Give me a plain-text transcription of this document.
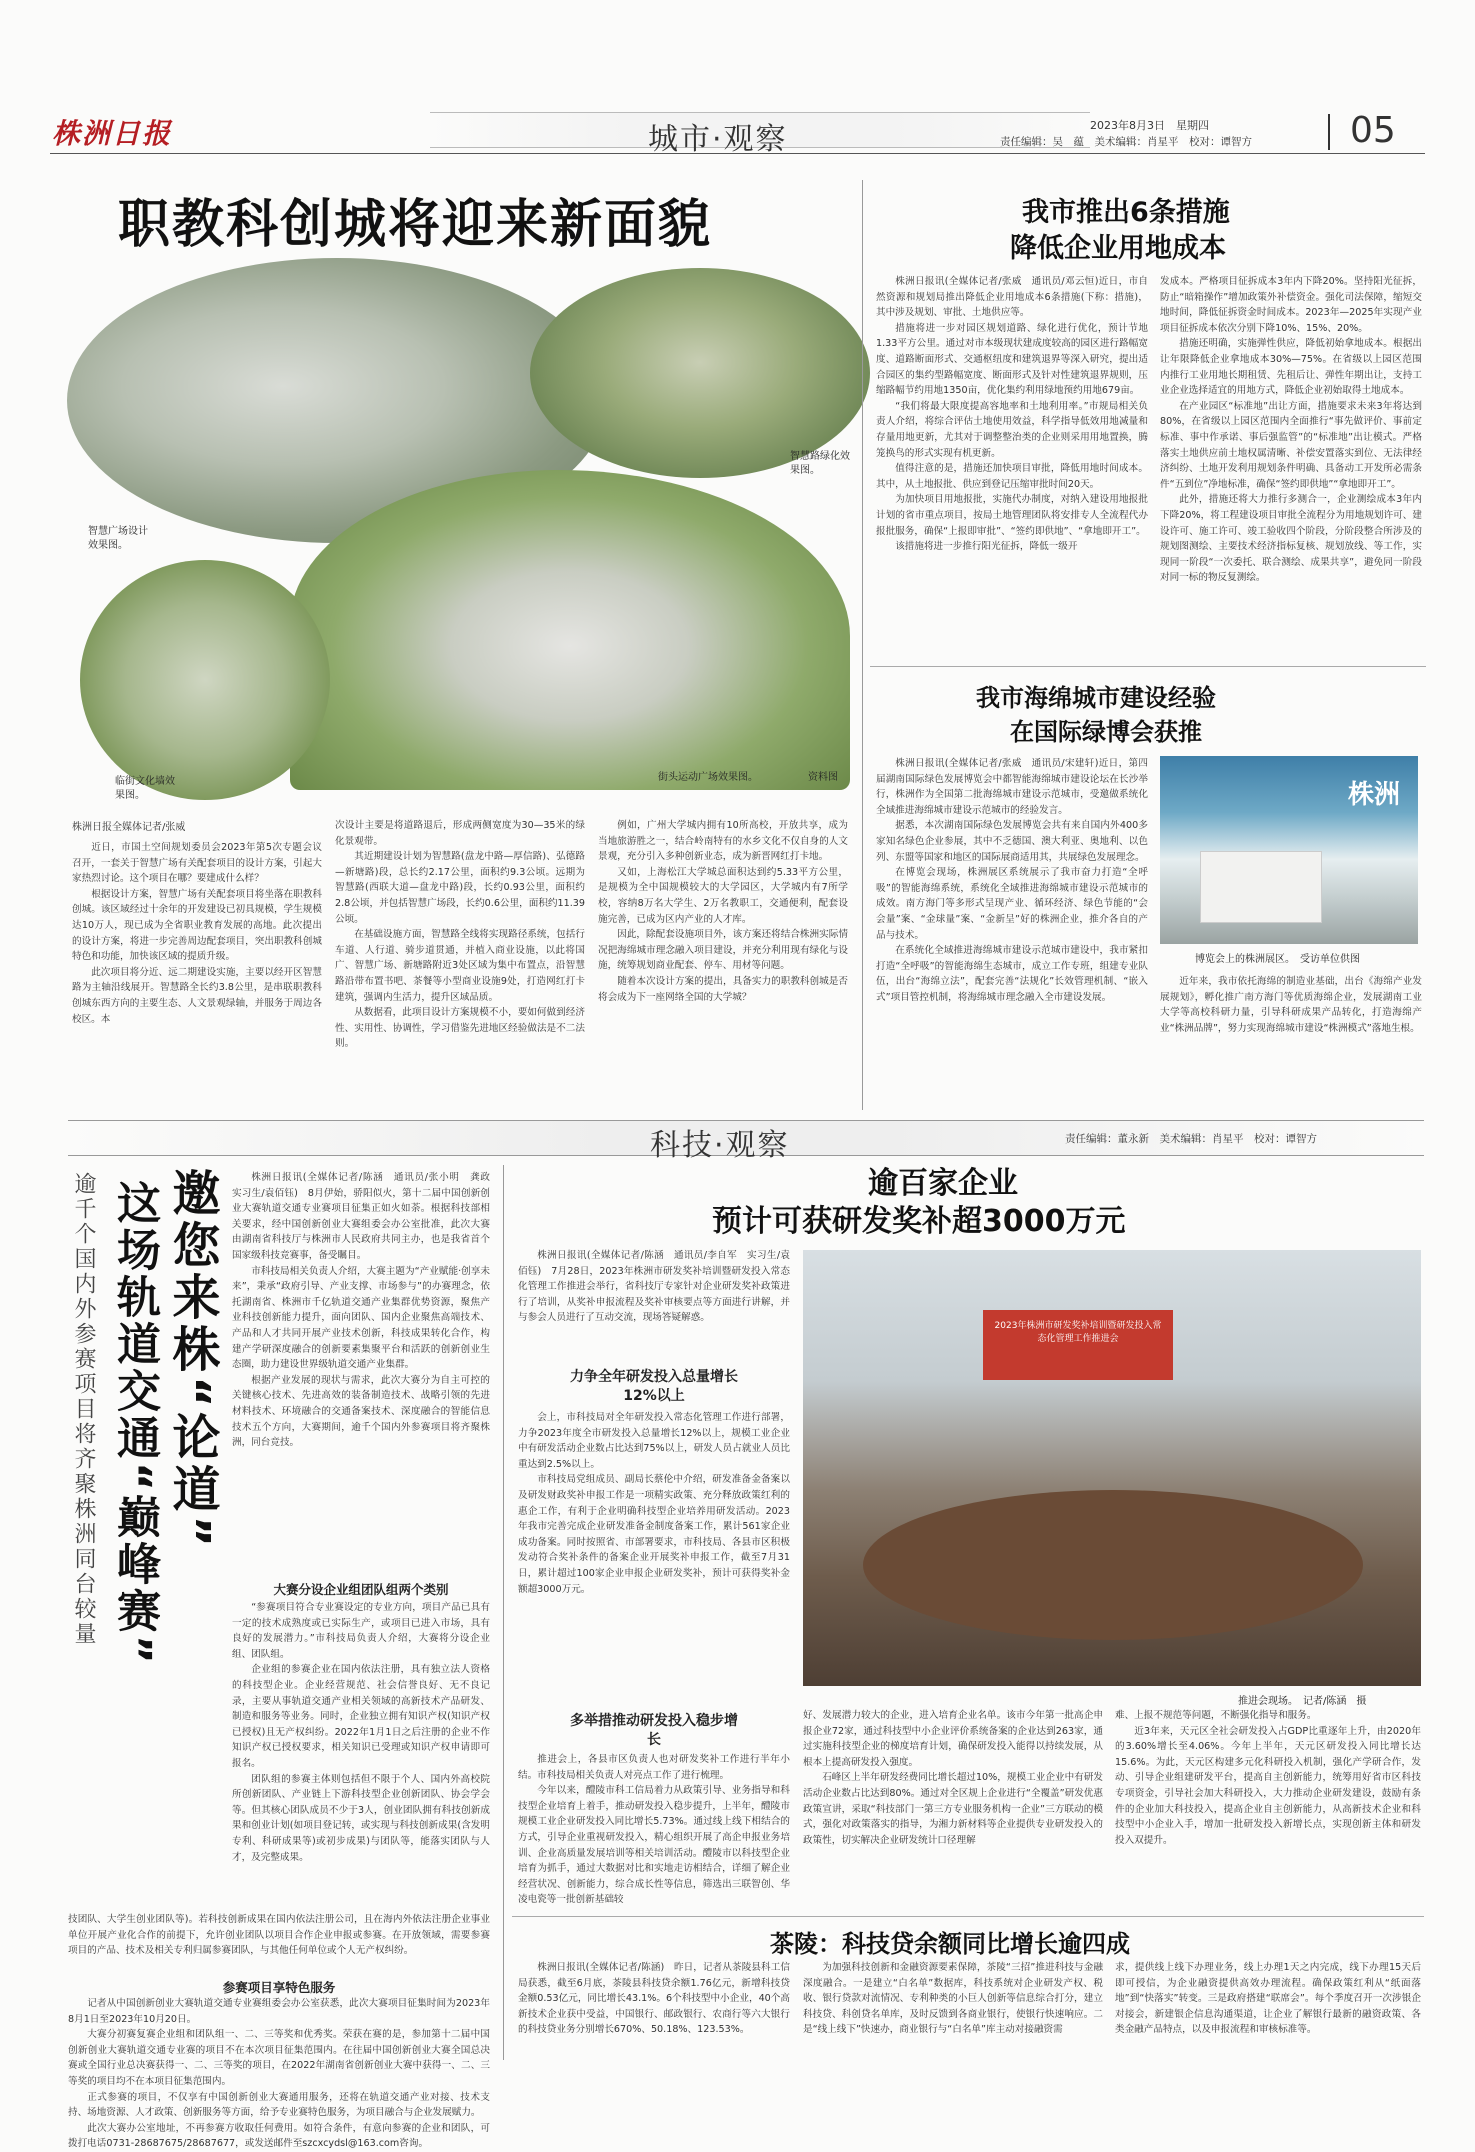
株洲日报	城市·观察	2023年8月3日　星期四
责任编辑：吴　蕴　美术编辑：肖星平　校对：谭智方	05
职教科创城将迎来新面貌
智慧广场设计效果图。
智慧路绿化效果图。
临街文化墙效果图。
街头运动广场效果图。	资料图
株洲日报全媒体记者/张威

近日，市国土空间规划委员会2023年第5次专题会议召开，一套关于智慧广场有关配套项目的设计方案，引起大家热烈讨论。这个项目在哪？要建成什么样？

根据设计方案，智慧广场有关配套项目将坐落在职教科创城。该区域经过十余年的开发建设已初具规模，学生规模达10万人，现已成为全省职业教育发展的高地。此次提出的设计方案，将进一步完善周边配套项目，突出职教科创城特色和功能，加快该区域的提质升级。

此次项目将分近、远二期建设实施，主要以经开区智慧路为主轴沿线展开。智慧路全长约3.8公里，是串联职教科创城东西方向的主要生态、人文景观绿轴，并服务于周边各校区。本

次设计主要是将道路退后，形成两侧宽度为30—35米的绿化景观带。

其近期建设计划为智慧路(盘龙中路—厚信路)、弘德路—新塘路)段，总长约2.17公里，面积约9.3公顷。远期为智慧路(西联大道—盘龙中路)段，长约0.93公里，面积约2.8公顷，并包括智慧广场段，长约0.6公里，面积约11.39公顷。

在基础设施方面，智慧路全线将实现路径系统，包括行车道、人行道、骑步道贯通，并植入商业设施，以此将国广、智慧广场、新塘路附近3处区域为集中布置点，沿智慧路沿带布置书吧、茶餐等小型商业设施9处，打造网红打卡建筑，强调内生活力，提升区域品质。

从数据看，此项目设计方案规模不小，要如何做到经济性、实用性、协调性，学习借鉴先进地区经验做法是不二法则。

例如，广州大学城内拥有10所高校，开放共享，成为当地旅游胜之一，结合岭南特有的水乡文化不仅自身的人文景观，充分引入多种创新业态，成为新晋网红打卡地。

又如，上海松江大学城总面积达到约5.33平方公里，是规模为全中国规模较大的大学园区，大学城内有7所学校，容纳8万名大学生、2万名教职工，交通便利，配套设施完善，已成为区内产业的人才库。

因此，除配套设施项目外，该方案还将结合株洲实际情况把海绵城市理念融入项目建设，并充分利用现有绿化与设施，统筹规划商业配套、停车、用材等问题。

随着本次设计方案的提出，具备实力的职教科创城是否将会成为下一座网络全国的大学城？

我市推出6条措施
降低企业用地成本

株洲日报讯(全媒体记者/张威　通讯员/邓云恒)近日，市自然资源和规划局推出降低企业用地成本6条措施(下称：措施)，其中涉及规划、审批、土地供应等。

措施将进一步对园区规划道路、绿化进行优化，预计节地1.33平方公里。通过对市本级现状建成度较高的园区进行路幅宽度、道路断面形式、交通枢纽度和建筑退界等深入研究，提出适合园区的集约型路幅宽度、断面形式及针对性建筑退界规则，压缩路幅节约用地1350亩，优化集约利用绿地预约用地679亩。

“我们将最大限度提高容地率和土地利用率。”市规局相关负责人介绍，将综合评估土地使用效益，科学指导低效用地减量和存量用地更新，尤其对于调整整治类的企业则采用用地置换，腾笼换鸟的形式实现有机更新。

值得注意的是，措施还加快项目审批，降低用地时间成本。其中，从土地报批、供应到登记压缩审批时间20天。

为加快项目用地报批，实施代办制度，对纳入建设用地报批计划的省市重点项目，按局土地管理团队将安排专人全流程代办报批服务，确保“上报即审批”、“签约即供地”、“拿地即开工”。

该措施将进一步推行阳光征拆，降低一级开

发成本。严格项目征拆成本3年内下降20%。坚持阳光征拆，防止“暗箱操作”增加政策外补偿资金。强化司法保障，缩短交地时间，降低征拆资金时间成本。2023年—2025年实现产业项目征拆成本依次分别下降10%、15%、20%。

措施还明确，实施弹性供应，降低初始拿地成本。根据出让年限降低企业拿地成本30%—75%。在省级以上园区范围内推行工业用地长期租赁、先租后让、弹性年期出让，支持工业企业选择适宜的用地方式，降低企业初始取得土地成本。

在产业园区“标准地”出让方面，措施要求未来3年将达到80%，在省级以上园区范围内全面推行“事先做评价、事前定标准、事中作承诺、事后强监管”的“标准地”出让模式。严格落实土地供应前土地权属清晰、补偿安置落实到位、无法律经济纠纷、土地开发利用规划条件明确、具备动工开发所必需条件“五到位”净地标准，确保“签约即供地”“拿地即开工”。

此外，措施还将大力推行多测合一，企业测绘成本3年内下降20%，将工程建设项目审批全流程分为用地规划许可、建设许可、施工许可、竣工验收四个阶段，分阶段整合所涉及的规划图测绘、主要技术经济指标复核、规划放线、等工作，实现同一阶段“一次委托、联合测绘、成果共享”，避免同一阶段对同一标的物反复测绘。

我市海绵城市建设经验
在国际绿博会获推

株洲日报讯(全媒体记者/张威　通讯员/宋建轩)近日，第四届湖南国际绿色发展博览会中都智能海绵城市建设论坛在长沙举行，株洲作为全国第二批海绵城市建设示范城市，受邀做系统化全域推进海绵城市建设示范城市的经验发言。

据悉，本次湖南国际绿色发展博览会共有来自国内外400多家知名绿色企业参展，其中不乏德国、澳大利亚、奥地利、以色列、东盟等国家和地区的国际展商适用其，共展绿色发展理念。

在博览会现场，株洲展区系统展示了我市奋力打造“全呼吸”的智能海绵系统，系统化全域推进海绵城市建设示范城市的成效。南方海门等多形式呈现产业、循环经济、绿色节能的“会会量”案、“金球量”案、“金新呈”好的株洲企业，推介各自的产品与技术。

在系统化全域推进海绵城市建设示范城市建设中，我市紧扣打造“全呼吸”的智能海绵生态城市，成立工作专班，组建专业队伍，出台“海绵立法”，配套完善“法规化”长效管理机制、“嵌入式”项目管控机制，将海绵城市理念融入全市建设发展。

株洲
博览会上的株洲展区。　受访单位供图

近年来，我市依托海绵的制造业基础，出台《海绵产业发展规划》，孵化推广南方海门等优质海绵企业，发展湖南工业大学等高校科研力量，引导科研成果产品转化，打造海绵产业“株洲品牌”，努力实现海绵城市建设“株洲模式”落地生根。

科技·观察	责任编辑：董永新　美术编辑：肖星平　校对：谭智方
邀您来株“论道”
这场轨道交通“巅峰赛”
逾千个国内外参赛项目将齐聚株洲同台较量	株洲日报讯(全媒体记者/陈涵　通讯员/张小明　龚政　实习生/袁佰钰)　8月伊始，骄阳似火，第十二届中国创新创业大赛轨道交通专业赛项目征集正如火如荼。根据科技部相关要求，经中国创新创业大赛组委会办公室批准，此次大赛由湖南省科技厅与株洲市人民政府共同主办，也是我省首个国家级科技竞赛事，备受瞩目。

市科技局相关负责人介绍，大赛主题为“产业赋能·创享未来”，秉承“政府引导、产业支撑、市场参与”的办赛理念，依托湖南省、株洲市千亿轨道交通产业集群优势资源，聚焦产业科技创新能力提升，面向团队、国内企业聚焦高端技术、产品和人才共同开展产业技术创新，科技成果转化合作，构建产学研深度融合的创新要素集聚平台和活跃的创新创业生态圈，助力建设世界级轨道交通产业集群。

根据产业发展的现状与需求，此次大赛分为自主可控的关键核心技术、先进高效的装备制造技术、战略引领的先进材料技术、环境融合的交通备案技术、深度融合的智能信息技术五个方向，大赛期间，逾千个国内外参赛项目将齐聚株洲，同台竞技。

大赛分设企业组团队组两个类别

“参赛项目符合专业赛设定的专业方向，项目产品已具有一定的技术成熟度或已实际生产，或项目已进入市场，具有良好的发展潜力。”市科技局负责人介绍，大赛将分设企业组、团队组。

企业组的参赛企业在国内依法注册，具有独立法人资格的科技型企业。企业经营规范、社会信誉良好、无不良记录，主要从事轨道交通产业相关领域的高新技术产品研发、制造和服务等业务。同时，企业独立拥有知识产权(知识产权已授权)且无产权纠纷。2022年1月1日之后注册的企业不作知识产权已授权要求，相关知识已受理或知识产权申请即可报名。

团队组的参赛主体则包括但不限于个人、国内外高校院所创新团队、产业链上下游科技型企业创新团队、协会学会等。但其核心团队成员不少于3人，创业团队拥有科技创新成果和创业计划(如项目登记转，或实现与科技创新成果(含发明专利、科研成果等)或初步成果)与团队等，能落实团队与人才，及完整成果。

技团队、大学生创业团队等)。若科技创新成果在国内依法注册公司，且在海内外依法注册企业事业单位开展产业化合作的前提下，允许创业团队以项目合作企业申报或参赛。在开放领域，需要参赛项目的产品、技术及相关专利归属参赛团队，与其他任何单位或个人无产权纠纷。

参赛项目享特色服务

记者从中国创新创业大赛轨道交通专业赛组委会办公室获悉，此次大赛项目征集时间为2023年8月1日至2023年10月20日。

大赛分初赛复赛企业组和团队组一、二、三等奖和优秀奖。荣获在赛的是，参加第十二届中国创新创业大赛轨道交通专业赛的项目不在本次项目征集范围内。在往届中国创新创业大赛全国总决赛或全国行业总决赛获得一、二、三等奖的项目，在2022年湖南省创新创业大赛中获得一、二、三等奖的项目均不在本项目征集范围内。

正式参赛的项目，不仅享有中国创新创业大赛通用服务，还将在轨道交通产业对接、技术支持、场地资源、人才政策、创新服务等方面，给予专业赛特色服务，为项目融合与企业发展赋力。

此次大赛办公室地址，不再参赛方收取任何费用。如符合条件，有意向参赛的企业和团队，可拨打电话0731-28687675/28687677，或发送邮件至szcxcydsl@163.com咨询。

逾百家企业
预计可获研发奖补超3000万元

株洲日报讯(全媒体记者/陈涵　通讯员/李自军　实习生/袁佰钰)　7月28日，2023年株洲市研发奖补培训暨研发投入常态化管理工作推进会举行，省科技厅专家针对企业研发奖补政策进行了培训，从奖补申报流程及奖补审核要点等方面进行讲解，并与参会人员进行了互动交流，现场答疑解惑。

力争全年研发投入总量增长12%以上

会上，市科技局对全年研发投入常态化管理工作进行部署，力争2023年度全市研发投入总量增长12%以上，规模工业企业中有研发活动企业数占比达到75%以上，研发人员占就业人员比重达到2.5%以上。

市科技局党组成员、副局长蔡伦中介绍，研发准备金备案以及研发财政奖补申报工作是一项精实政策、充分释放政策红利的惠企工作，有利于企业明确科技型企业培养用研发活动。2023年我市完善完成企业研发准备金制度备案工作，累计561家企业成功备案。同时按照省、市部署要求，市科技局、各县市区积极发动符合奖补条件的备案企业开展奖补申报工作，截至7月31日，累计超过100家企业申报企业研发奖补，预计可获得奖补金额超3000万元。

多举措推动研发投入稳步增长
2023年株洲市研发奖补培训暨研发投入常态化管理工作推进会
推进会现场。　记者/陈涵　摄

推进会上，各县市区负责人也对研发奖补工作进行半年小结。市科技局相关负责人对亮点工作了进行梳理。

今年以来，醴陵市科工信局着力从政策引导、业务指导和科技型企业培育上着手，推动研发投入稳步提升，上半年，醴陵市规模工业企业研发投入同比增长5.73%。通过线上线下相结合的方式，引导企业重视研发投入，精心组织开展了高企申报业务培训、企业高质量发展培训等相关培训活动。醴陵市以科技型企业培育为抓手，通过大数据对比和实地走访相结合，详细了解企业经营状况、创新能力，综合成长性等信息，筛选出三联智创、华凌电瓷等一批创新基础较

好、发展潜力较大的企业，进入培育企业名单。该市今年第一批高企申报企业72家，通过科技型中小企业评价系统备案的企业达到263家，通过实施科技型企业的梯度培育计划，确保研发投入能得以持续发展，从根本上提高研发投入强度。

石峰区上半年研发经费同比增长超过10%，规模工业企业中有研发活动企业数占比达到80%。通过对全区规上企业进行“全覆盖”研发优惠政策宣讲，采取“科技部门一第三方专业服务机构一企业”三方联动的模式，强化对政策落实的指导，为湘力新材料等企业提供专业研发投入的政策性，切实解决企业研发统计口径理解

难、上报不规范等问题，不断强化指导和服务。

近3年来，天元区全社会研发投入占GDP比重逐年上升，由2020年的3.60%增长至4.06%。今年上半年，天元区研发投入同比增长达15.6%。为此，天元区构建多元化科研投入机制，强化产学研合作，发动、引导企业组建研发平台，提高自主创新能力，统筹用好省市区科技专项资金，引导社会加大科研投入，大力推动企业研发建设，鼓励有条件的企业加大科技投入，提高企业自主创新能力，从高新技术企业和科技型中小企业入手，增加一批研发投入新增长点，实现创新主体和研发投入双提升。

茶陵：科技贷余额同比增长逾四成

株洲日报讯(全媒体记者/陈涵)　昨日，记者从茶陵县科工信局获悉，截至6月底，茶陵县科技贷余额1.76亿元，新增科技贷金额0.53亿元，同比增长43.1%。6个科技型中小企业，40个高新技术企业获中受益，中国银行、邮政银行、农商行等六大银行的科技贷业务分别增长670%、50.18%、123.53%。

为加强科技创新和金融资源要素保障，茶陵“三招”推进科技与金融深度融合。一是建立“白名单”数据库，科技系统对企业研发产权、税收、银行贷款对流情况、专利种类的小巨人创新等信息综合打分，建立科技贷、科创贷名单库，及时反馈到各商业银行，使银行快速响应。二是“线上线下”快速办，商业银行与“白名单”库主动对接融资需

求，提供线上线下办理业务，线上办理1天之内完成，线下办理15天后即可授信，为企业融资提供高效办理流程。确保政策红利从“纸面落地”到“快落实”转变。三是政府搭建“联席会”。每个季度召开一次涉银企对接会，新建银企信息沟通渠道，让企业了解银行最新的融资政策、各类金融产品特点，以及申报流程和审核标准等。
